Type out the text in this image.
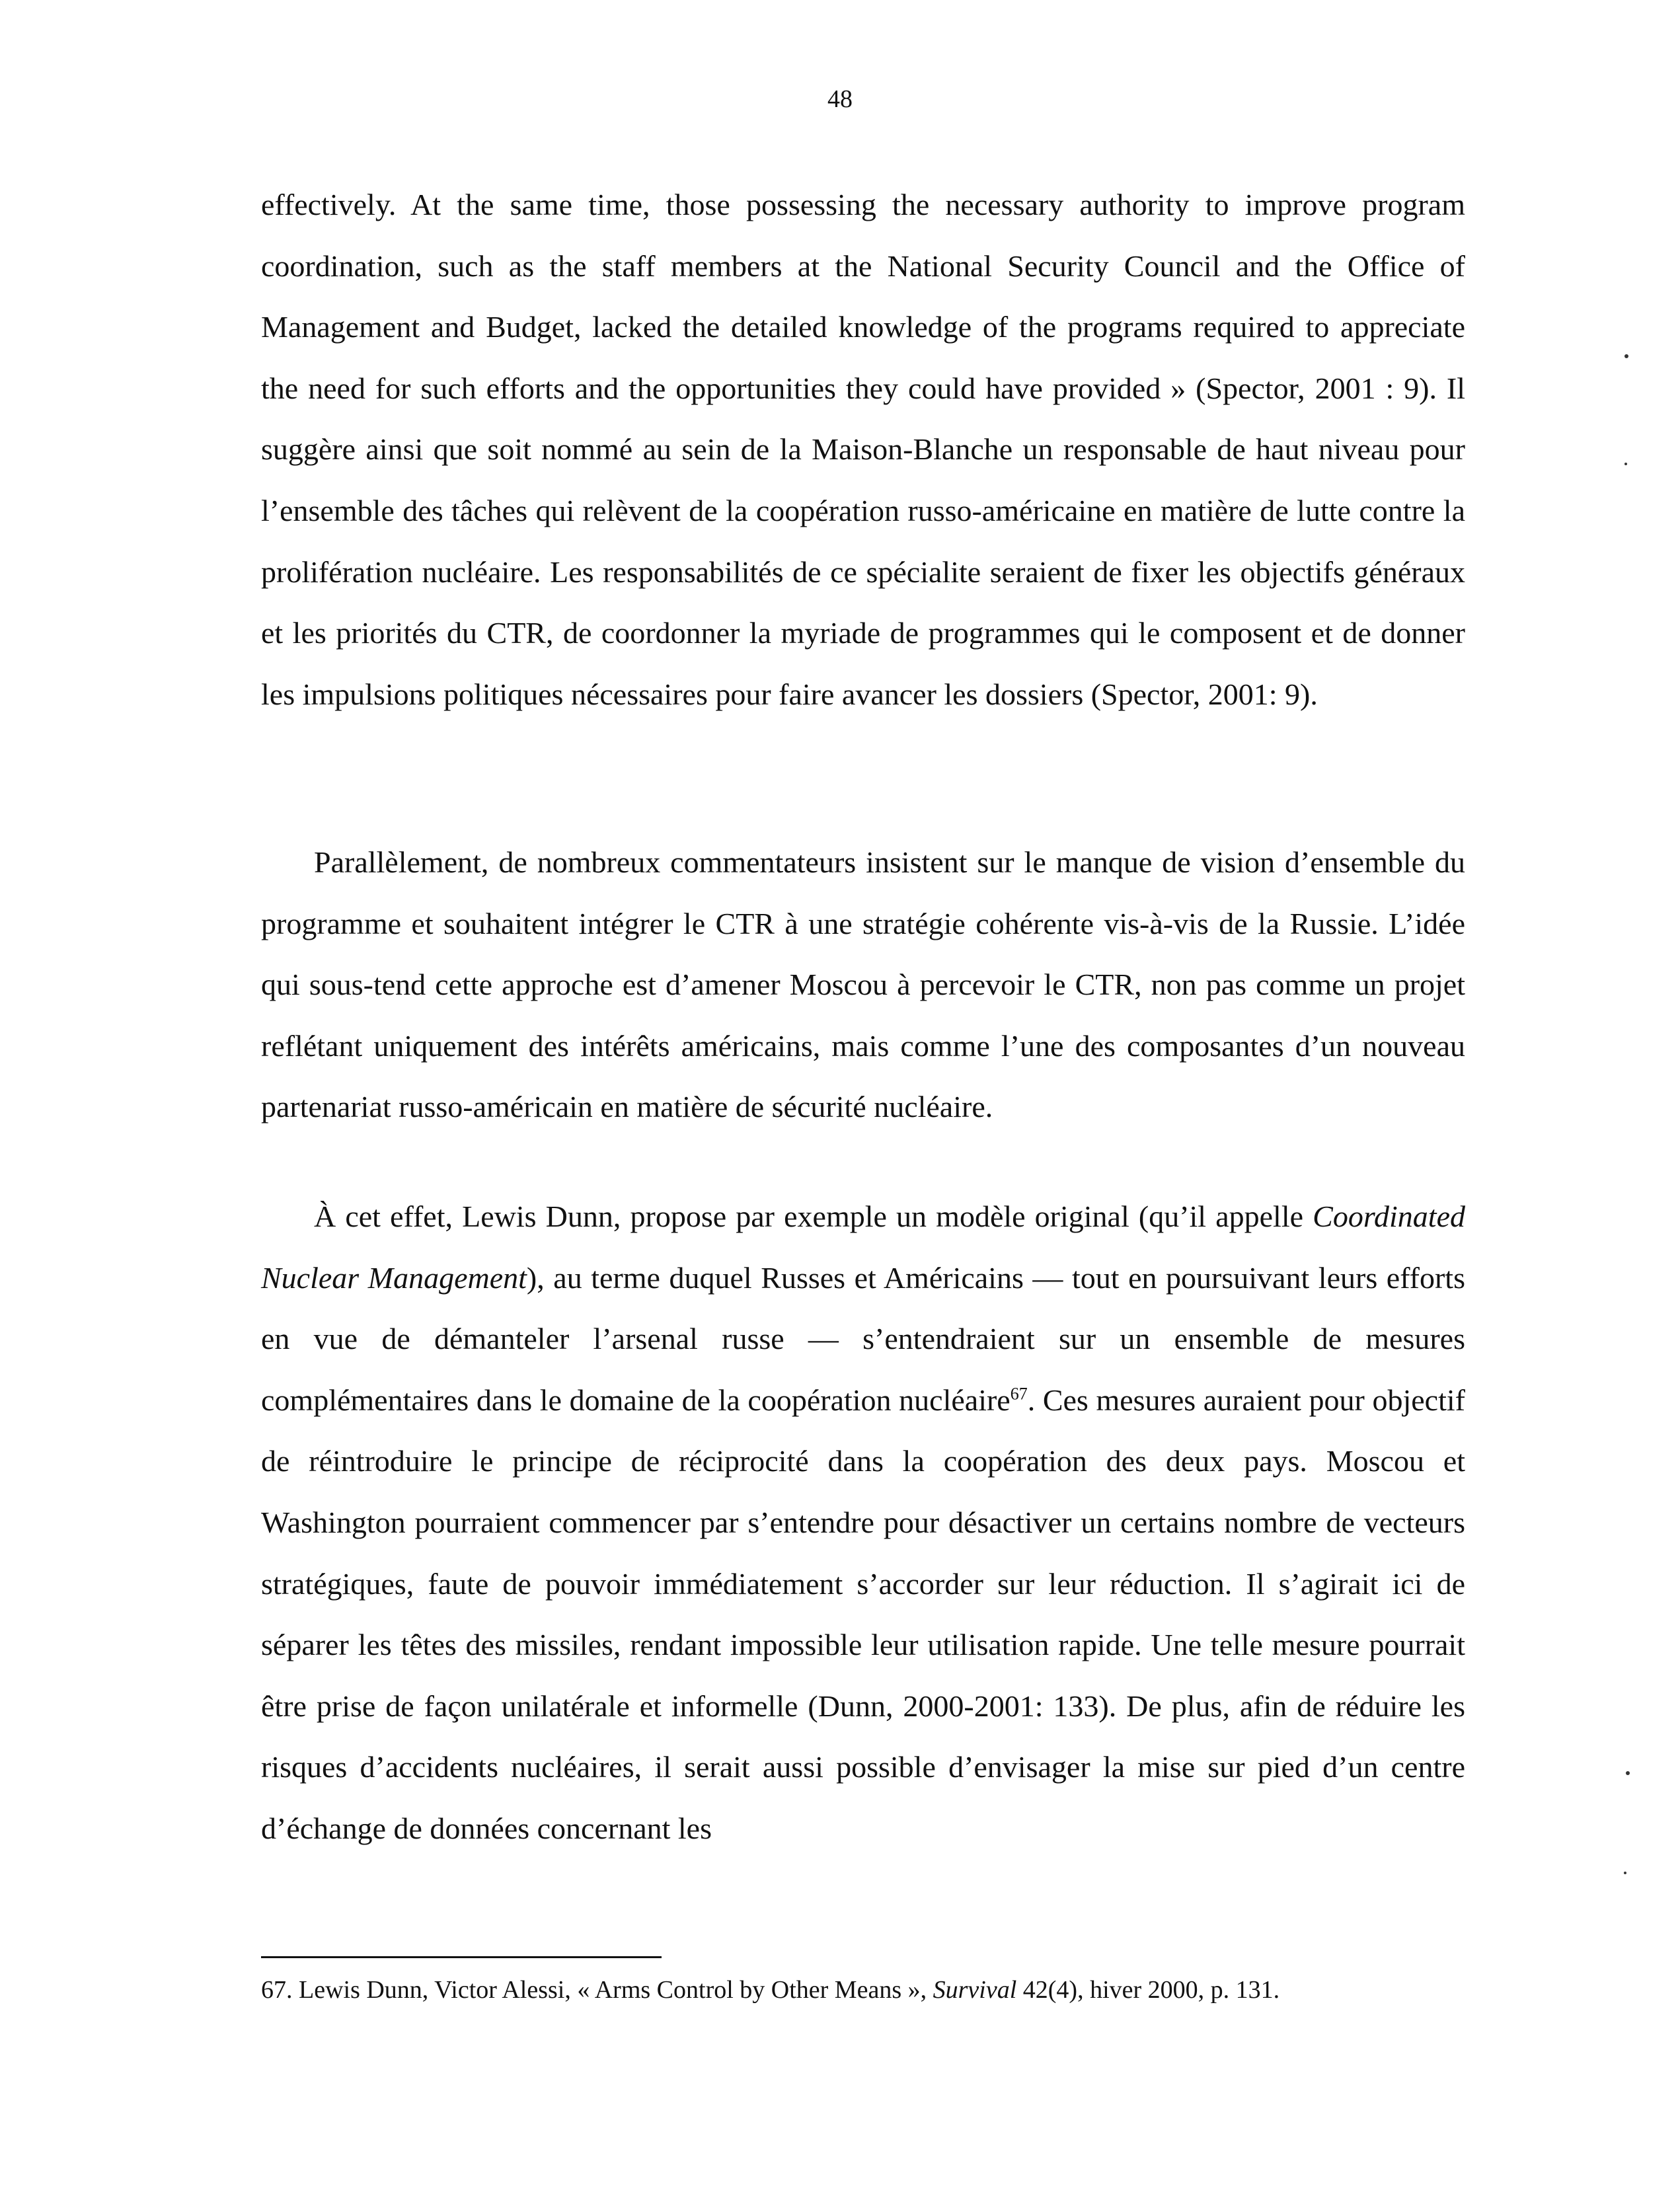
48

effectively. At the same time, those possessing the necessary authority to improve program coordination, such as the staff members at the National Security Council and the Office of Management and Budget, lacked the detailed knowledge of the programs required to appreciate the need for such efforts and the opportunities they could have provided » (Spector, 2001 : 9). Il suggère ainsi que soit nommé au sein de la Maison-Blanche un responsable de haut niveau pour l’ensemble des tâches qui relèvent de la coopération russo-américaine en matière de lutte contre la prolifération nucléaire. Les responsabilités de ce spécialite seraient de fixer les objectifs généraux et les priorités du CTR, de coordonner la myriade de programmes qui le composent et de donner les impulsions politiques nécessaires pour faire avancer les dossiers (Spector, 2001: 9).

Parallèlement, de nombreux commentateurs insistent sur le manque de vision d’ensemble du programme et souhaitent intégrer le CTR à une stratégie cohérente vis-à-vis de la Russie. L’idée qui sous-tend cette approche est d’amener Moscou à percevoir le CTR, non pas comme un projet reflétant uniquement des intérêts américains, mais comme l’une des composantes d’un nouveau partenariat russo-américain en matière de sécurité nucléaire.

À cet effet, Lewis Dunn, propose par exemple un modèle original (qu’il appelle Coordinated Nuclear Management), au terme duquel Russes et Américains — tout en poursuivant leurs efforts en vue de démanteler l’arsenal russe — s’entendraient sur un ensemble de mesures complémentaires dans le domaine de la coopération nucléaire$^{67}$. Ces mesures auraient pour objectif de réintroduire le principe de réciprocité dans la coopération des deux pays. Moscou et Washington pourraient commencer par s’entendre pour désactiver un certains nombre de vecteurs stratégiques, faute de pouvoir immédiatement s’accorder sur leur réduction. Il s’agirait ici de séparer les têtes des missiles, rendant impossible leur utilisation rapide. Une telle mesure pourrait être prise de façon unilatérale et informelle (Dunn, 2000-2001: 133). De plus, afin de réduire les risques d’accidents nucléaires, il serait aussi possible d’envisager la mise sur pied d’un centre d’échange de données concernant les

67. Lewis Dunn, Victor Alessi, « Arms Control by Other Means », Survival 42(4), hiver 2000, p. 131.
